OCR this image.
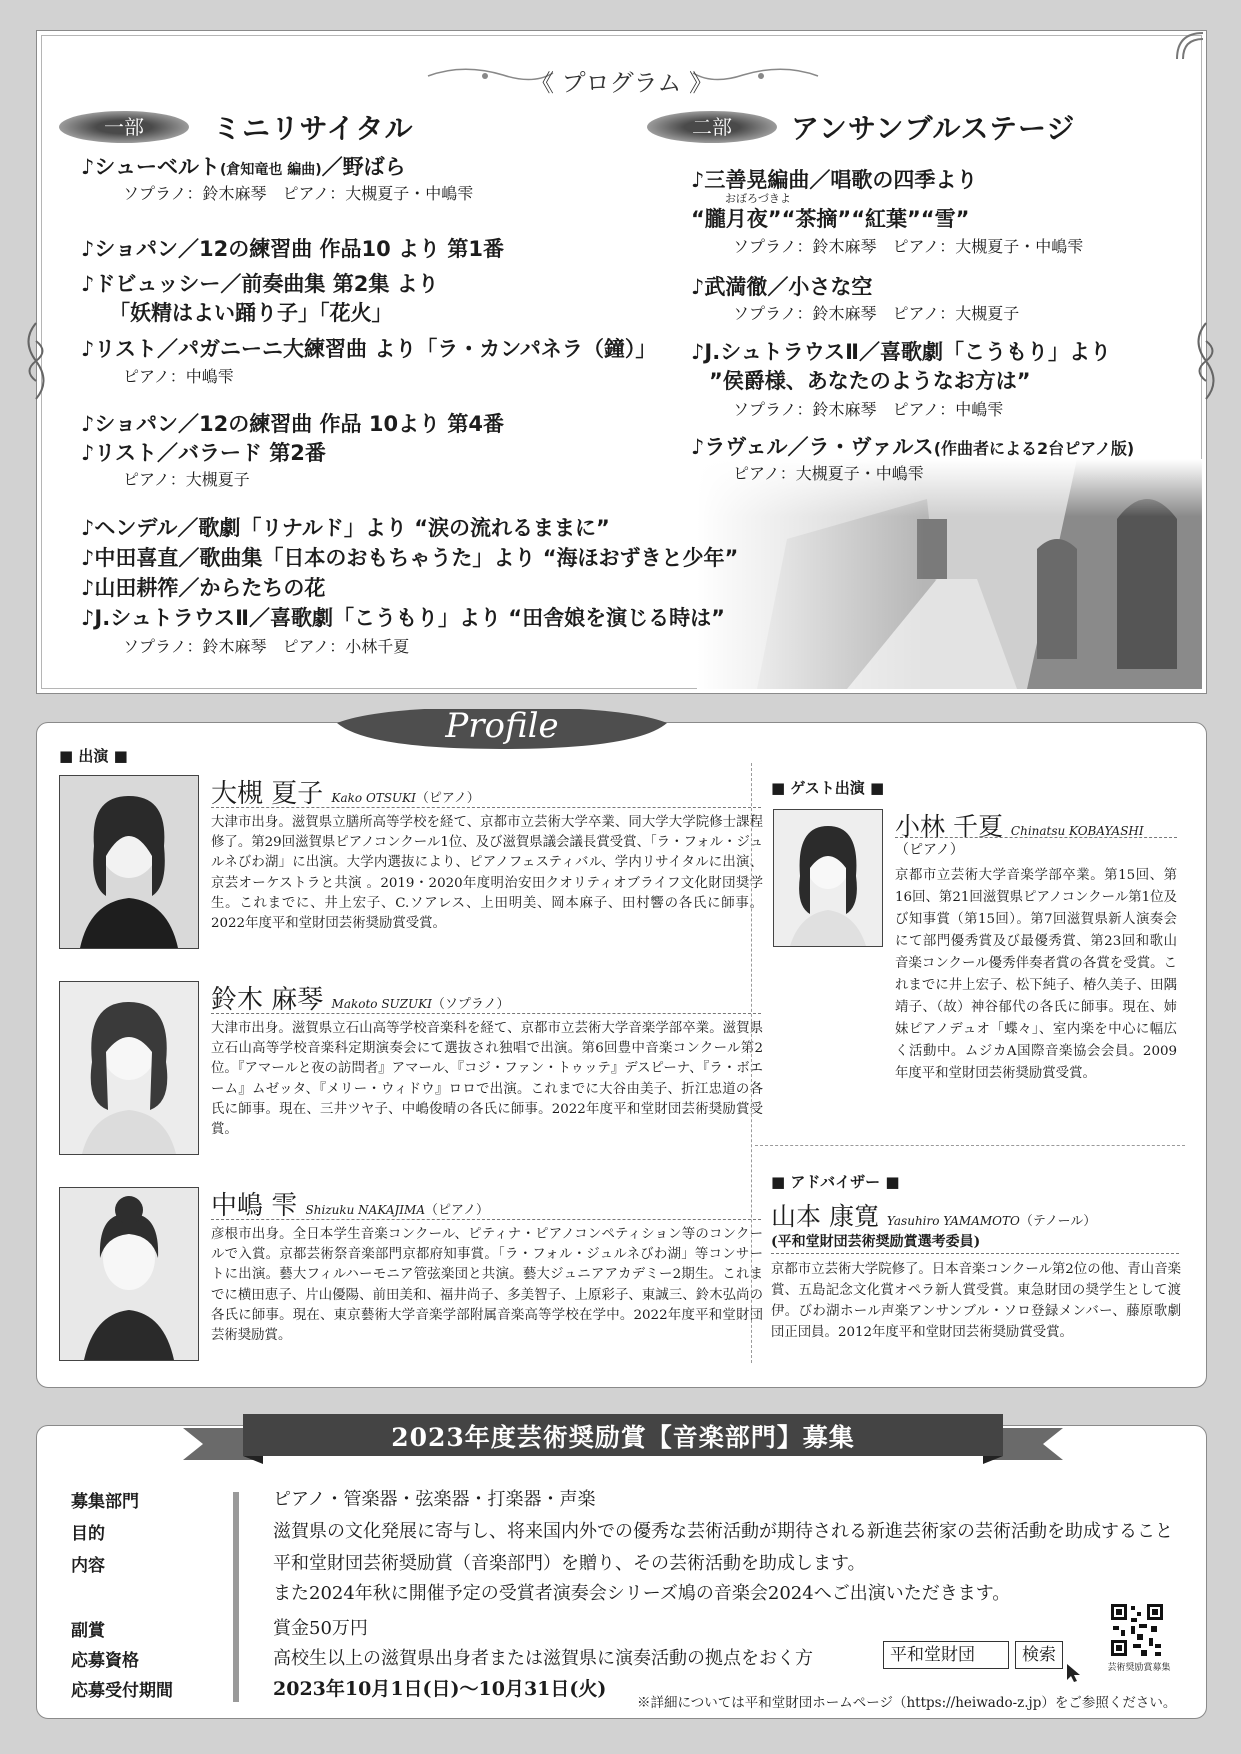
《 プログラム 》
一部	ミニリサイタル
♪シューベルト(倉知竜也 編曲)／野ばら
ソプラノ：鈴木麻琴　ピアノ：大槻夏子・中嶋雫
♪ショパン／12の練習曲 作品10 より 第1番
♪ドビュッシー／前奏曲集 第2集 より
「妖精はよい踊り子」「花火」
♪リスト／パガニーニ大練習曲 より「ラ・カンパネラ（鐘）」
ピアノ：中嶋雫
♪ショパン／12の練習曲 作品 10より 第4番
♪リスト／バラード 第2番
ピアノ：大槻夏子
♪ヘンデル／歌劇「リナルド」より “涙の流れるままに”
♪中田喜直／歌曲集「日本のおもちゃうた」より “海ほおずきと少年”
♪山田耕筰／からたちの花
♪J.シュトラウスⅡ／喜歌劇「こうもり」より “田舎娘を演じる時は”
ソプラノ：鈴木麻琴　ピアノ：小林千夏
二部	アンサンブルステージ
♪三善晃編曲／唱歌の四季より
おぼろづきよ
“朧月夜”“茶摘”“紅葉”“雪”
ソプラノ：鈴木麻琴　ピアノ：大槻夏子・中嶋雫
♪武満徹／小さな空
ソプラノ：鈴木麻琴　ピアノ：大槻夏子
♪J.シュトラウスⅡ／喜歌劇「こうもり」より
”侯爵様、あなたのようなお方は”
ソプラノ：鈴木麻琴　ピアノ：中嶋雫
♪ラヴェル／ラ・ヴァルス(作曲者による2台ピアノ版)
ピアノ：大槻夏子・中嶋雫
Profile
■ 出演 ■
大槻 夏子 Kako OTSUKI（ピアノ）
大津市出身。滋賀県立膳所高等学校を経て、京都市立芸術大学卒業、同大学大学院修士課程修了。第29回滋賀県ピアノコンクール1位、及び滋賀県議会議長賞受賞、「ラ・フォル・ジュルネびわ湖」に出演。大学内選抜により、ピアノフェスティバル、学内リサイタルに出演、京芸オーケストラと共演 。2019・2020年度明治安田クオリティオブライフ文化財団奨学生。これまでに、井上宏子、C.ソアレス、上田明美、岡本麻子、田村響の各氏に師事。2022年度平和堂財団芸術奨励賞受賞。
鈴木 麻琴 Makoto SUZUKI（ソプラノ）
大津市出身。滋賀県立石山高等学校音楽科を経て、京都市立芸術大学音楽学部卒業。滋賀県立石山高等学校音楽科定期演奏会にて選抜され独唱で出演。第6回豊中音楽コンクール第2位。『アマールと夜の訪問者』アマール、『コジ・ファン・トゥッテ』デスピーナ、『ラ・ボエーム』ムゼッタ、『メリー・ウィドウ』ロロで出演。これまでに大谷由美子、折江忠道の各氏に師事。現在、三井ツヤ子、中嶋俊晴の各氏に師事。2022年度平和堂財団芸術奨励賞受賞。
中嶋 雫 Shizuku NAKAJIMA（ピアノ）
彦根市出身。全日本学生音楽コンクール、ピティナ・ピアノコンペティション等のコンクールで入賞。京都芸術祭音楽部門京都府知事賞。「ラ・フォル・ジュルネびわ湖」等コンサートに出演。藝大フィルハーモニア管弦楽団と共演。藝大ジュニアアカデミー2期生。これまでに横田恵子、片山優陽、前田美和、福井尚子、多美智子、上原彩子、東誠三、鈴木弘尚の各氏に師事。現在、東京藝術大学音楽学部附属音楽高等学校在学中。2022年度平和堂財団芸術奨励賞。
■ ゲスト出演 ■
小林 千夏 Chinatsu KOBAYASHI
（ピアノ）
京都市立芸術大学音楽学部卒業。第15回、第16回、第21回滋賀県ピアノコンクール第1位及び知事賞（第15回）。第7回滋賀県新人演奏会にて部門優秀賞及び最優秀賞、第23回和歌山音楽コンクール優秀伴奏者賞の各賞を受賞。これまでに井上宏子、松下純子、椿久美子、田隅靖子、（故）神谷郁代の各氏に師事。現在、姉妹ピアノデュオ「蝶々」、室内楽を中心に幅広く活動中。ムジカA国際音楽協会会員。2009年度平和堂財団芸術奨励賞受賞。
■ アドバイザー ■
山本 康寛 Yasuhiro YAMAMOTO（テノール）
(平和堂財団芸術奨励賞選考委員)
京都市立芸術大学院修了。日本音楽コンクール第2位の他、青山音楽賞、五島記念文化賞オペラ新人賞受賞。東急財団の奨学生として渡伊。びわ湖ホール声楽アンサンブル・ソロ登録メンバー、藤原歌劇団正団員。2012年度平和堂財団芸術奨励賞受賞。
2023年度芸術奨励賞【音楽部門】募集
募集部門	ピアノ・管楽器・弦楽器・打楽器・声楽
目的	滋賀県の文化発展に寄与し、将来国内外での優秀な芸術活動が期待される新進芸術家の芸術活動を助成すること
内容	平和堂財団芸術奨励賞（音楽部門）を贈り、その芸術活動を助成します。
また2024年秋に開催予定の受賞者演奏会シリーズ鳩の音楽会2024へご出演いただきます。
副賞	賞金50万円
応募資格	高校生以上の滋賀県出身者または滋賀県に演奏活動の拠点をおく方
応募受付期間	2023年10月1日(日)〜10月31日(火)
平和堂財団	検索
芸術奨励賞募集
※詳細については平和堂財団ホームページ（https://heiwado-z.jp）をご参照ください。
